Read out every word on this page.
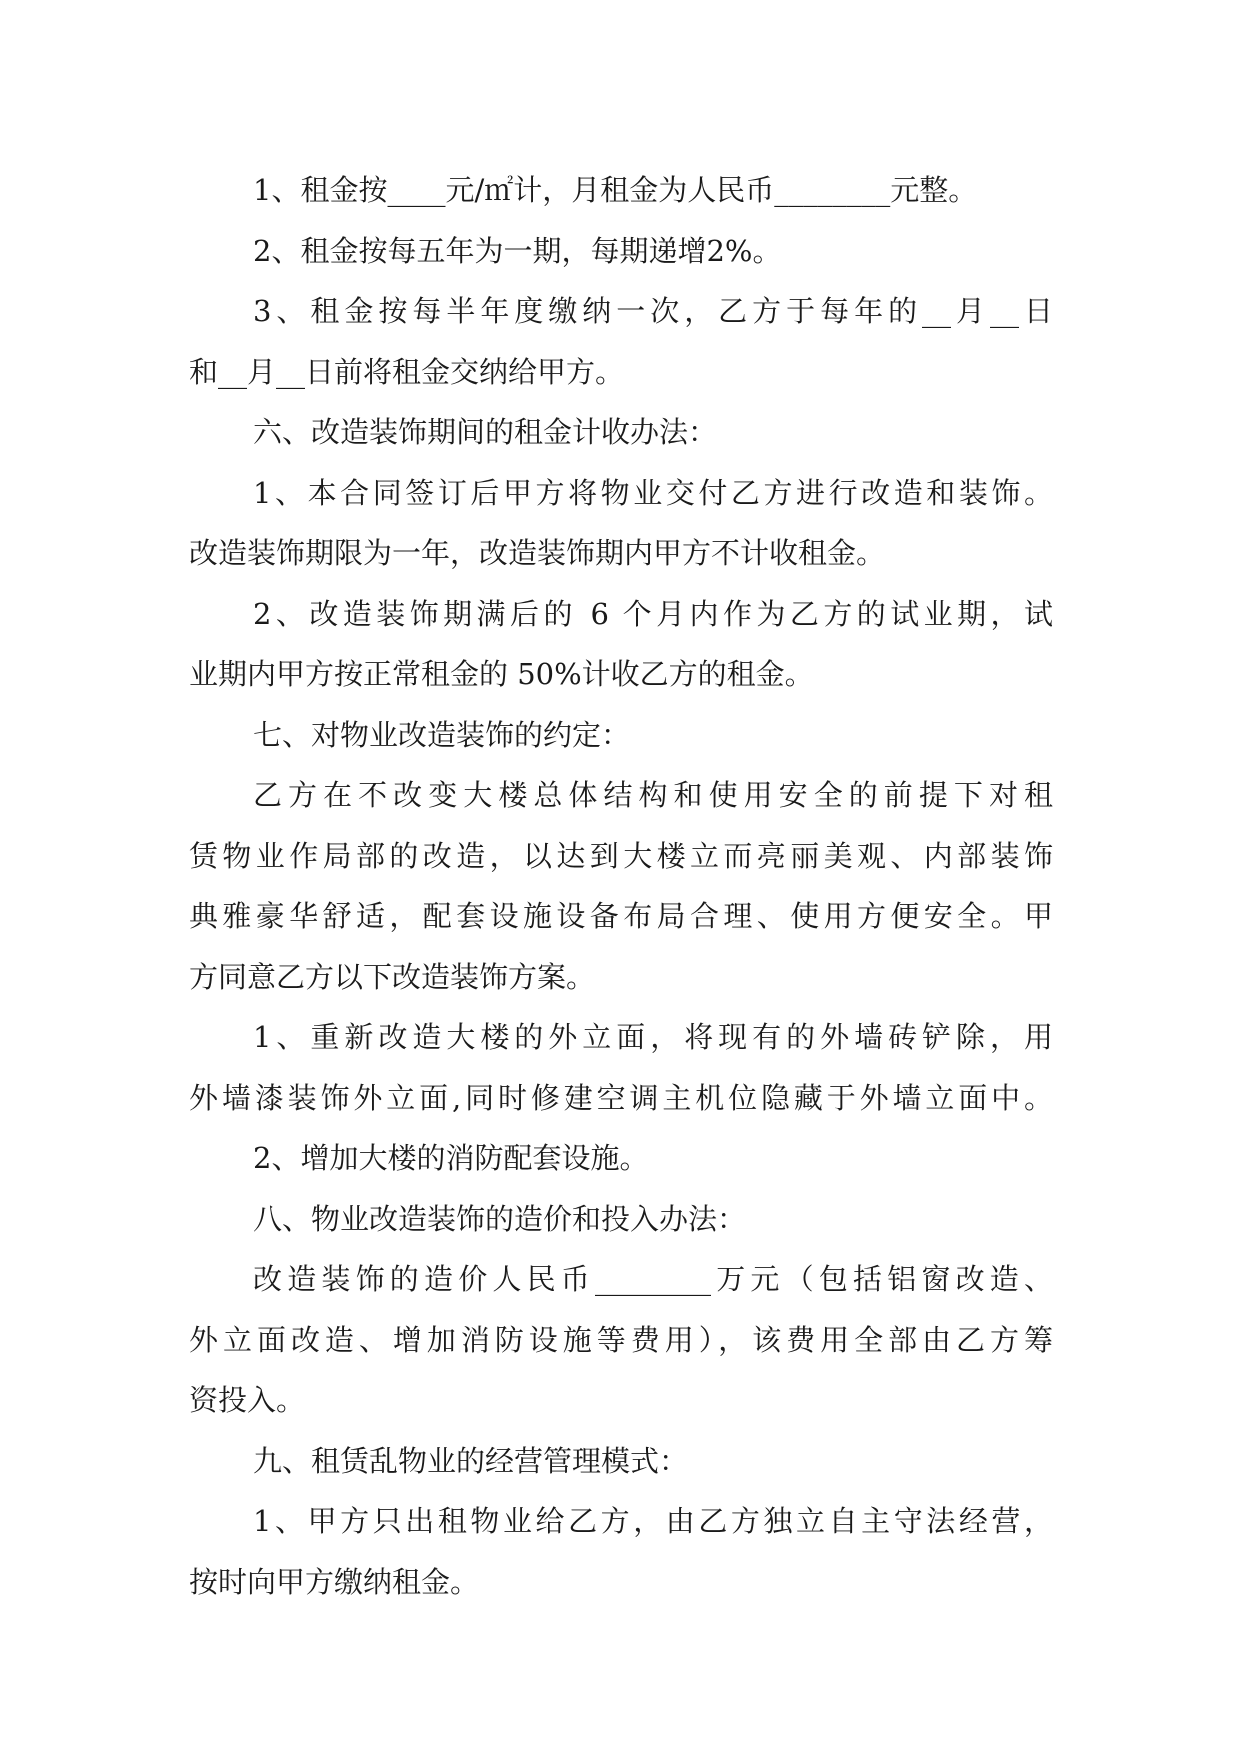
1、租金按____元/㎡计，月租金为人民币________元整。
2、租金按每五年为一期，每期递增2%。
3、租金按每半年度缴纳一次，乙方于每年的__月__日
和__月__日前将租金交纳给甲方。
六、改造装饰期间的租金计收办法：
1、本合同签订后甲方将物业交付乙方进行改造和装饰。
改造装饰期限为一年，改造装饰期内甲方不计收租金。
2、改造装饰期满后的 6 个月内作为乙方的试业期，试
业期内甲方按正常租金的 50%计收乙方的租金。
七、对物业改造装饰的约定：
乙方在不改变大楼总体结构和使用安全的前提下对租
赁物业作局部的改造，以达到大楼立而亮丽美观、内部装饰
典雅豪华舒适，配套设施设备布局合理、使用方便安全。甲
方同意乙方以下改造装饰方案。
1、重新改造大楼的外立面，将现有的外墙砖铲除，用
外墙漆装饰外立面,同时修建空调主机位隐藏于外墙立面中。
2、增加大楼的消防配套设施。
八、物业改造装饰的造价和投入办法：
改造装饰的造价人民币________万元（包括铝窗改造、
外立面改造、增加消防设施等费用），该费用全部由乙方筹
资投入。
九、租赁乱物业的经营管理模式：
1、甲方只出租物业给乙方，由乙方独立自主守法经营，
按时向甲方缴纳租金。
